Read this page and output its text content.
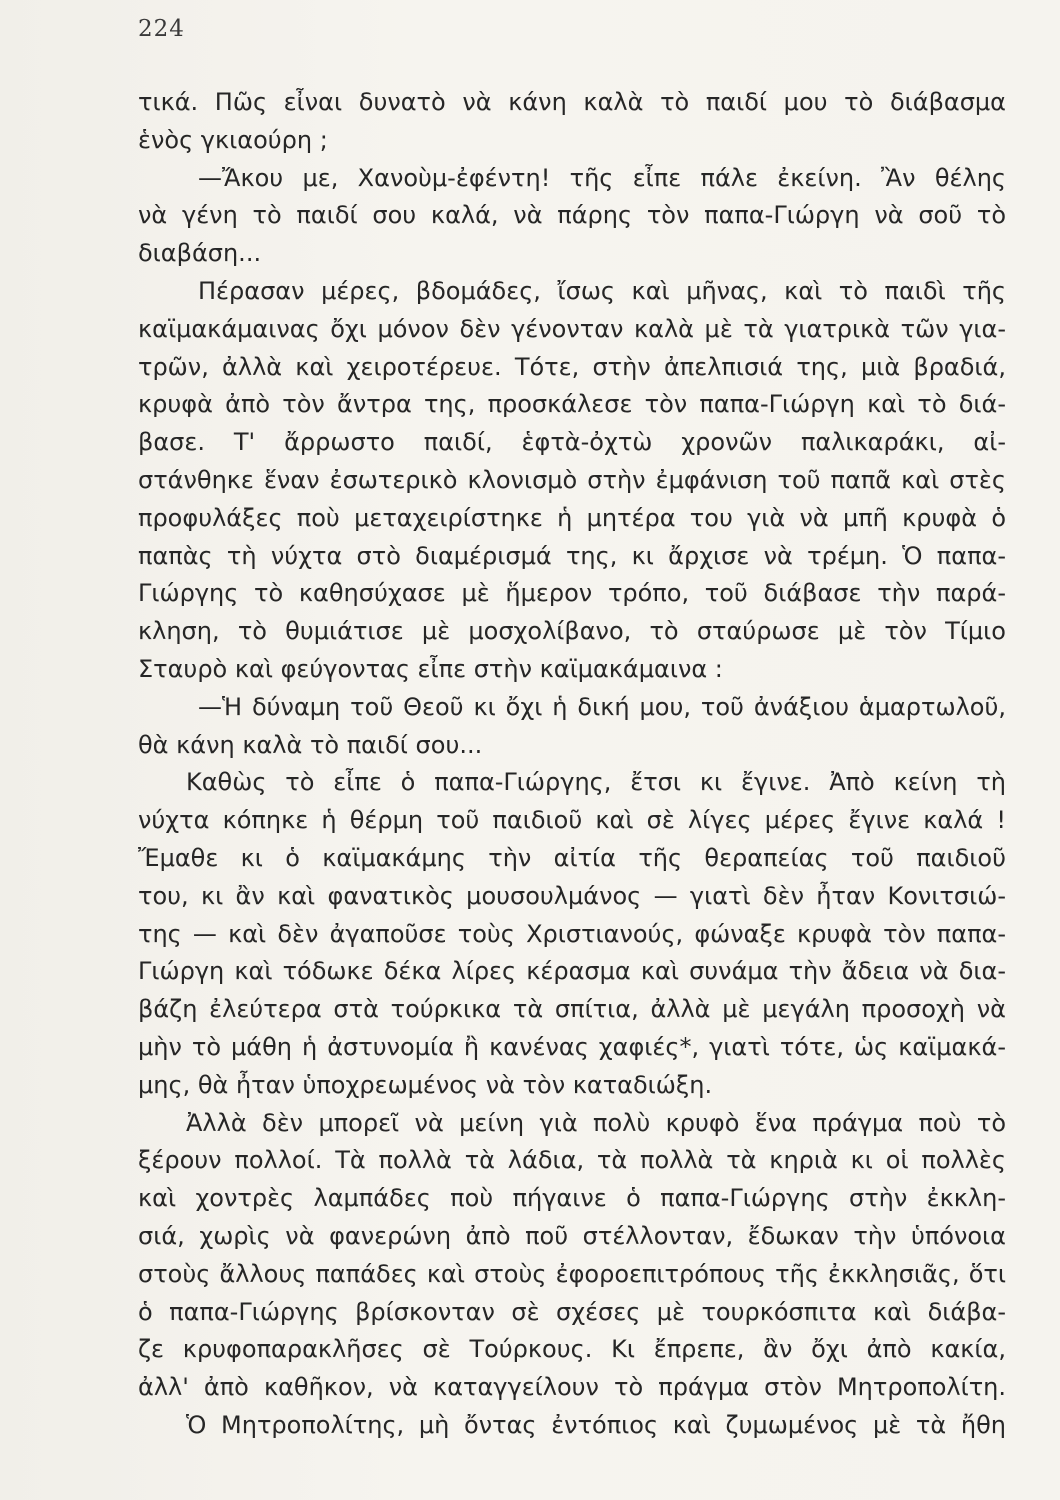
224
τικά. Πῶς εἶναι δυνατὸ νὰ κάνη καλὰ τὸ παιδί μου τὸ διάβασμα
ἑνὸς γκιαούρη ;
—Ἄκου με, Χανοὺμ-ἐφέντη! τῆς εἶπε πάλε ἐκείνη. Ἂν θέλης
νὰ γένη τὸ παιδί σου καλά, νὰ πάρης τὸν παπα-Γιώργη νὰ σοῦ τὸ
διαβάση...
Πέρασαν μέρες, βδομάδες, ἴσως καὶ μῆνας, καὶ τὸ παιδὶ τῆς
καϊμακάμαινας ὄχι μόνον δὲν γένονταν καλὰ μὲ τὰ γιατρικὰ τῶν για-
τρῶν, ἀλλὰ καὶ χειροτέρευε. Τότε, στὴν ἀπελπισιά της, μιὰ βραδιά,
κρυφὰ ἀπὸ τὸν ἄντρα της, προσκάλεσε τὸν παπα-Γιώργη καὶ τὸ διά-
βασε. Τ' ἄρρωστο παιδί, ἑφτὰ-ὀχτὼ χρονῶν παλικαράκι, αἰ-
στάνθηκε ἕναν ἐσωτερικὸ κλονισμὸ στὴν ἐμφάνιση τοῦ παπᾶ καὶ στὲς
προφυλάξες ποὺ μεταχειρίστηκε ἡ μητέρα του γιὰ νὰ μπῆ κρυφὰ ὁ
παπὰς τὴ νύχτα στὸ διαμέρισμά της, κι ἄρχισε νὰ τρέμη. Ὁ παπα-
Γιώργης τὸ καθησύχασε μὲ ἥμερον τρόπο, τοῦ διάβασε τὴν παρά-
κληση, τὸ θυμιάτισε μὲ μοσχολίβανο, τὸ σταύρωσε μὲ τὸν Τίμιο
Σταυρὸ καὶ φεύγοντας εἶπε στὴν καϊμακάμαινα :
—Ἡ δύναμη τοῦ Θεοῦ κι ὄχι ἡ δική μου, τοῦ ἀνάξιου ἁμαρτωλοῦ,
θὰ κάνη καλὰ τὸ παιδί σου...
Καθὼς τὸ εἶπε ὁ παπα-Γιώργης, ἔτσι κι ἔγινε. Ἀπὸ κείνη τὴ
νύχτα κόπηκε ἡ θέρμη τοῦ παιδιοῦ καὶ σὲ λίγες μέρες ἔγινε καλά !
Ἔμαθε κι ὁ καϊμακάμης τὴν αἰτία τῆς θεραπείας τοῦ παιδιοῦ
του, κι ἂν καὶ φανατικὸς μουσουλμάνος — γιατὶ δὲν ἦταν Κονιτσιώ-
της — καὶ δὲν ἀγαποῦσε τοὺς Χριστιανούς, φώναξε κρυφὰ τὸν παπα-
Γιώργη καὶ τόδωκε δέκα λίρες κέρασμα καὶ συνάμα τὴν ἄδεια νὰ δια-
βάζη ἐλεύτερα στὰ τούρκικα τὰ σπίτια, ἀλλὰ μὲ μεγάλη προσοχὴ νὰ
μὴν τὸ μάθη ἡ ἀστυνομία ἢ κανένας χαφιές*, γιατὶ τότε, ὡς καϊμακά-
μης, θὰ ἦταν ὑποχρεωμένος νὰ τὸν καταδιώξη.
Ἀλλὰ δὲν μπορεῖ νὰ μείνη γιὰ πολὺ κρυφὸ ἕνα πράγμα ποὺ τὸ
ξέρουν πολλοί. Τὰ πολλὰ τὰ λάδια, τὰ πολλὰ τὰ κηριὰ κι οἱ πολλὲς
καὶ χοντρὲς λαμπάδες ποὺ πήγαινε ὁ παπα-Γιώργης στὴν ἐκκλη-
σιά, χωρὶς νὰ φανερώνη ἀπὸ ποῦ στέλλονταν, ἔδωκαν τὴν ὑπόνοια
στοὺς ἄλλους παπάδες καὶ στοὺς ἐφοροεπιτρόπους τῆς ἐκκλησιᾶς, ὅτι
ὁ παπα-Γιώργης βρίσκονταν σὲ σχέσες μὲ τουρκόσπιτα καὶ διάβα-
ζε κρυφοπαρακλῆσες σὲ Τούρκους. Κι ἔπρεπε, ἂν ὄχι ἀπὸ κακία,
ἀλλ' ἀπὸ καθῆκον, νὰ καταγγείλουν τὸ πράγμα στὸν Μητροπολίτη.
Ὁ Μητροπολίτης, μὴ ὄντας ἐντόπιος καὶ ζυμωμένος μὲ τὰ ἤθη
